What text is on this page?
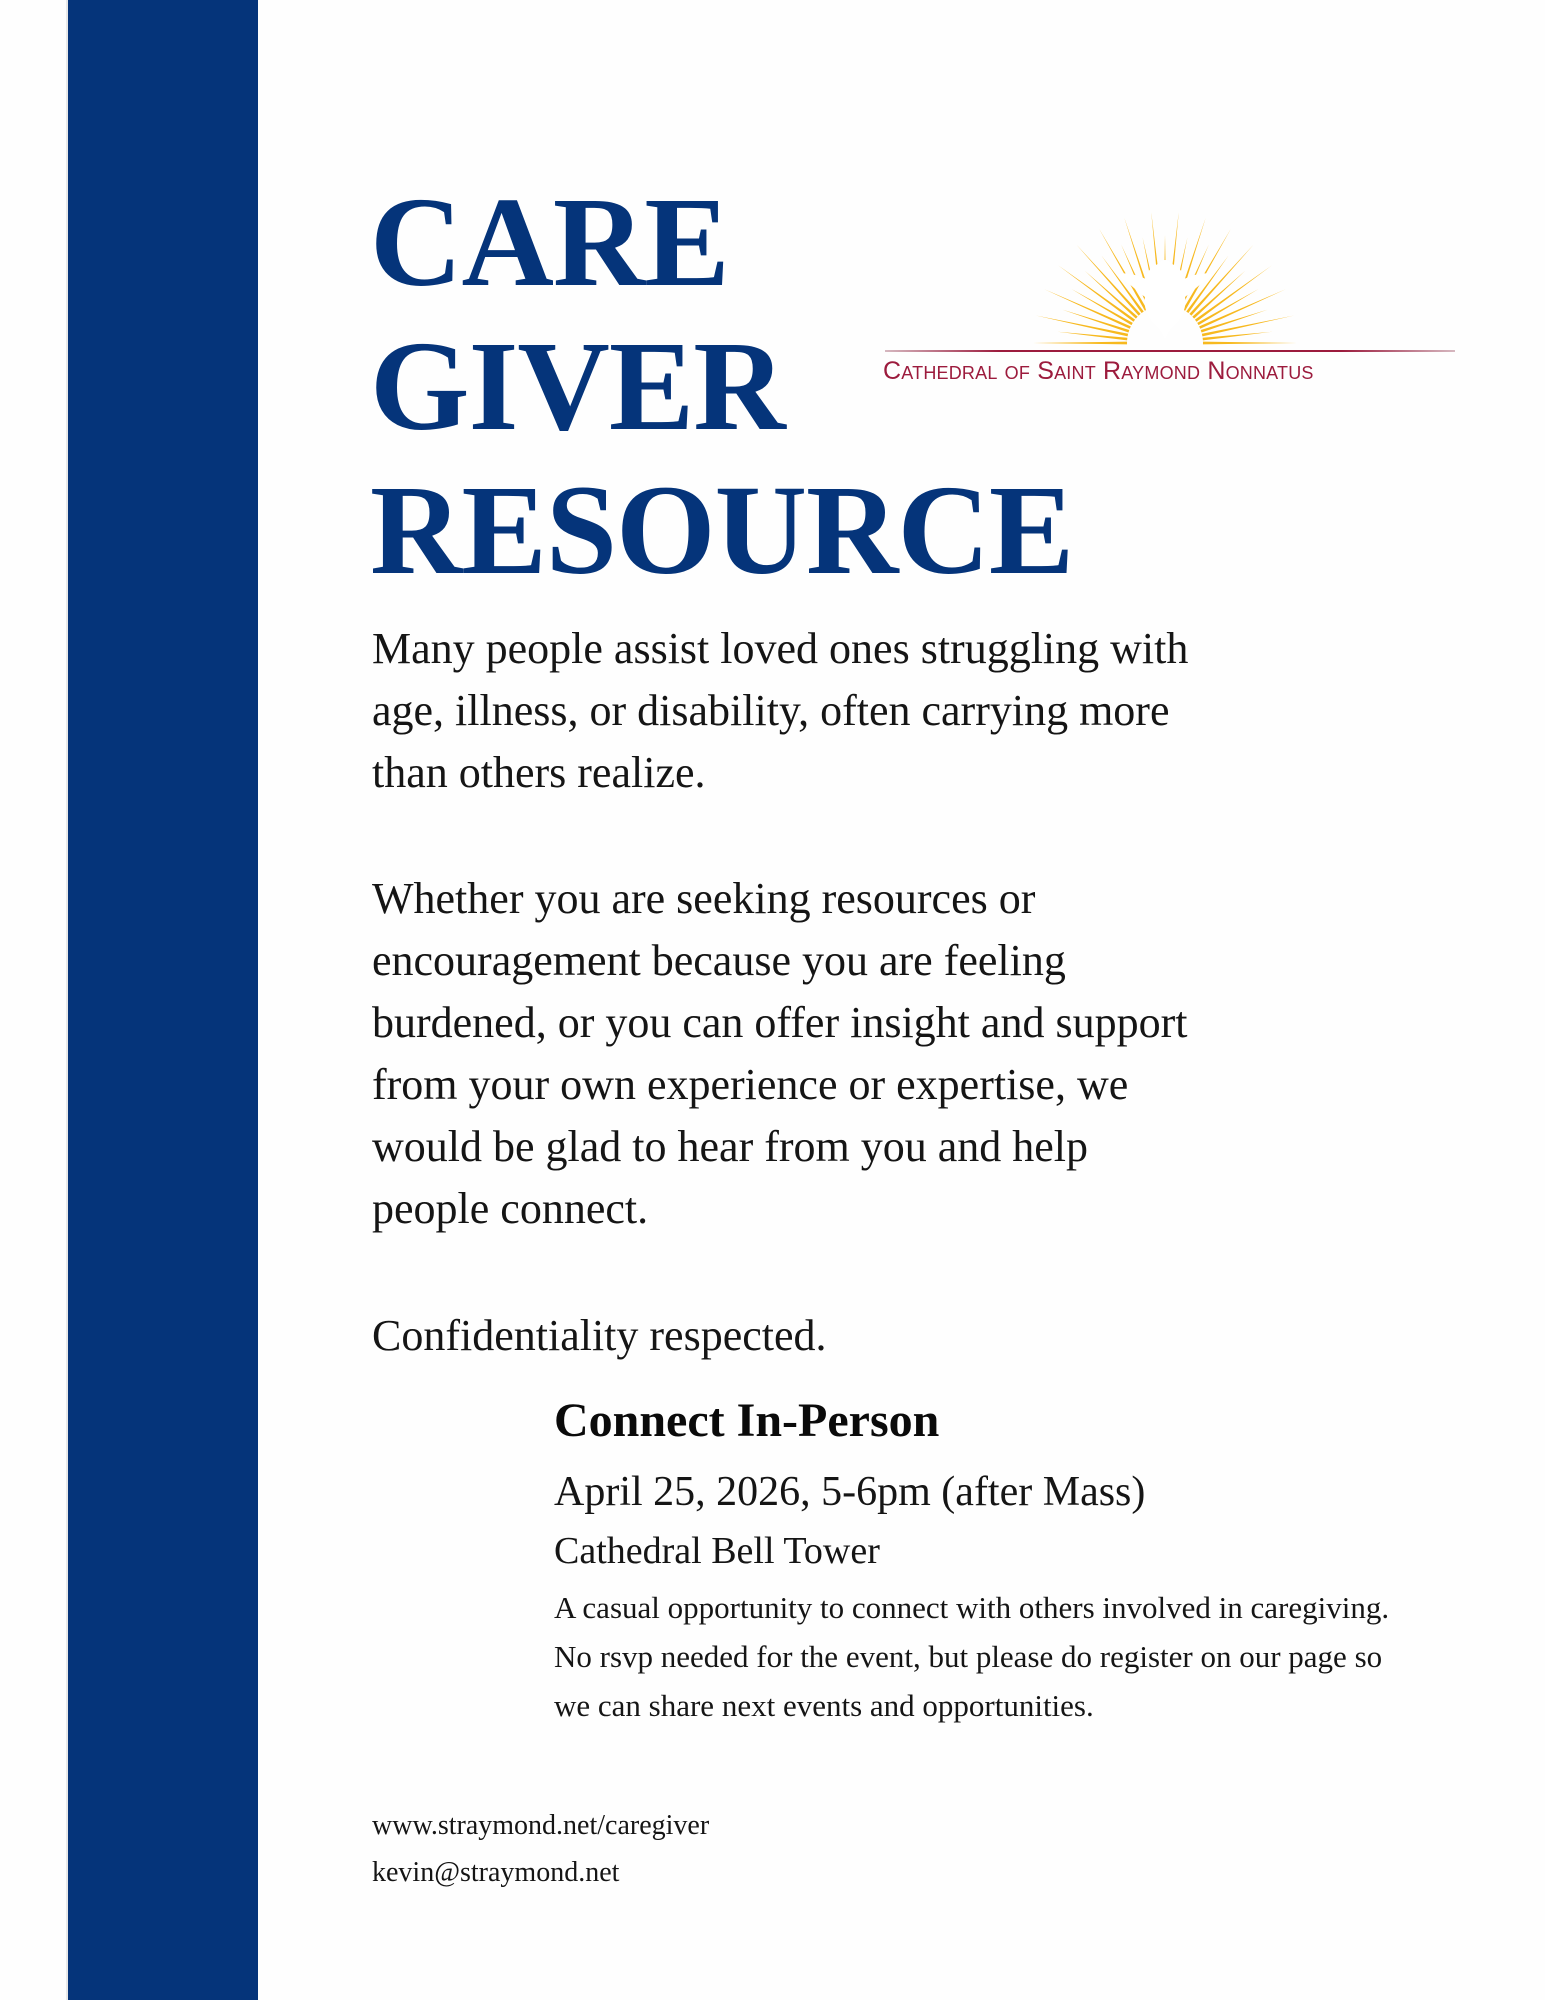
CARE
GIVER
RESOURCE
Cathedral of Saint Raymond Nonnatus

Many people assist loved ones struggling with age, illness, or disability, often carrying more than others realize.

Whether you are seeking resources or encouragement because you are feeling burdened, or you can offer insight and support from your own experience or expertise, we would be glad to hear from you and help people connect.

Confidentiality respected.

Connect In-Person

April 25, 2026, 5-6pm (after Mass)

Cathedral Bell Tower

A casual opportunity to connect with others involved in caregiving. No rsvp needed for the event, but please do register on our page so we can share next events and opportunities.

www.straymond.net/caregiver
kevin@straymond.net
